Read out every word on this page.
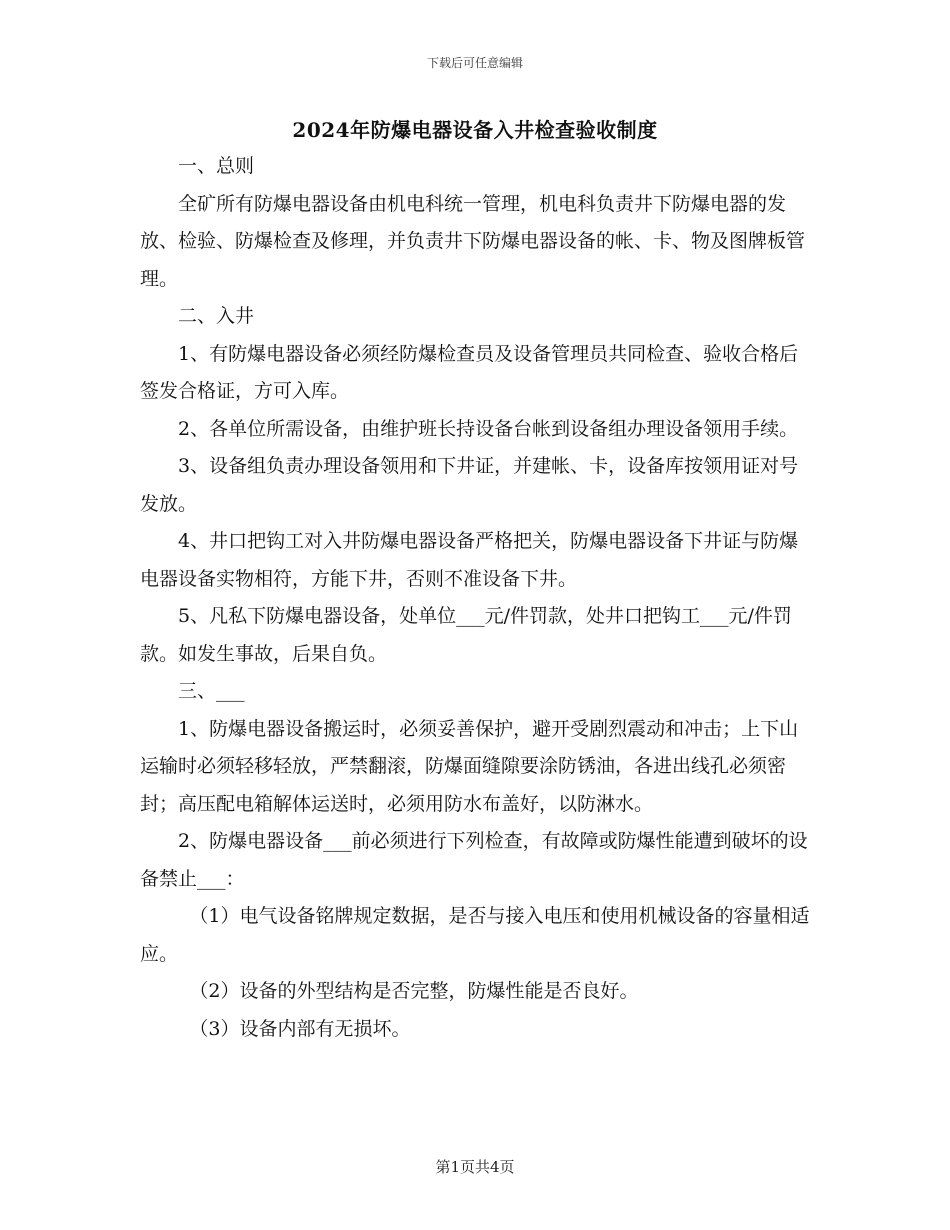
下载后可任意编辑
2024年防爆电器设备入井检查验收制度

一、总则

全矿所有防爆电器设备由机电科统一管理，机电科负责井下防爆电器的发放、检验、防爆检查及修理，并负责井下防爆电器设备的帐、卡、物及图牌板管理。

二、入井

1、有防爆电器设备必须经防爆检查员及设备管理员共同检查、验收合格后签发合格证，方可入库。

2、各单位所需设备，由维护班长持设备台帐到设备组办理设备领用手续。

3、设备组负责办理设备领用和下井证，并建帐、卡，设备库按领用证对号发放。

4、井口把钩工对入井防爆电器设备严格把关，防爆电器设备下井证与防爆电器设备实物相符，方能下井，否则不准设备下井。

5、凡私下防爆电器设备，处单位___元/件罚款，处井口把钩工___元/件罚款。如发生事故，后果自负。

三、___

1、防爆电器设备搬运时，必须妥善保护，避开受剧烈震动和冲击；上下山运输时必须轻移轻放，严禁翻滚，防爆面缝隙要涂防锈油，各进出线孔必须密封；高压配电箱解体运送时，必须用防水布盖好，以防淋水。

2、防爆电器设备___前必须进行下列检查，有故障或防爆性能遭到破坏的设备禁止___：

（1）电气设备铭牌规定数据，是否与接入电压和使用机械设备的容量相适应。

（2）设备的外型结构是否完整，防爆性能是否良好。

（3）设备内部有无损坏。

第1页共4页
